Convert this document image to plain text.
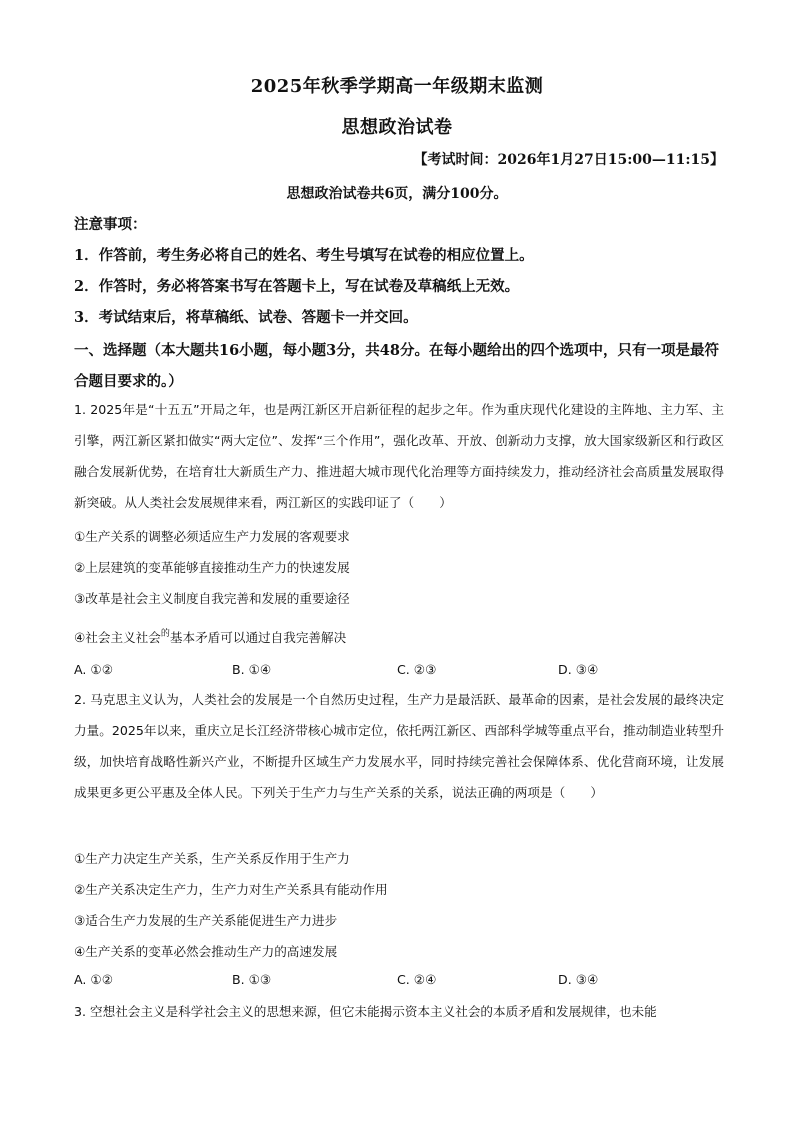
2025年秋季学期高一年级期末监测
思想政治试卷
【考试时间：2026年1月27日15:00—11:15】
思想政治试卷共6页，满分100分。
注意事项：
1．作答前，考生务必将自己的姓名、考生号填写在试卷的相应位置上。
2．作答时，务必将答案书写在答题卡上，写在试卷及草稿纸上无效。
3．考试结束后，将草稿纸、试卷、答题卡一并交回。
一、选择题（本大题共16小题，每小题3分，共48分。在每小题给出的四个选项中，只有一项是最符合题目要求的。）
1. 2025年是“十五五”开局之年，也是两江新区开启新征程的起步之年。作为重庆现代化建设的主阵地、主力军、主引擎，两江新区紧扣做实“两大定位”、发挥“三个作用”，强化改革、开放、创新动力支撑，放大国家级新区和行政区融合发展新优势，在培育壮大新质生产力、推进超大城市现代化治理等方面持续发力，推动经济社会高质量发展取得新突破。从人类社会发展规律来看，两江新区的实践印证了（　　）
①生产关系的调整必须适应生产力发展的客观要求
②上层建筑的变革能够直接推动生产力的快速发展
③改革是社会主义制度自我完善和发展的重要途径
④社会主义社会$^的$基本矛盾可以通过自我完善解决
A. ①②	B. ①④	C. ②③	D. ③④
2. 马克思主义认为，人类社会的发展是一个自然历史过程，生产力是最活跃、最革命的因素，是社会发展的最终决定力量。2025年以来，重庆立足长江经济带核心城市定位，依托两江新区、西部科学城等重点平台，推动制造业转型升级，加快培育战略性新兴产业，不断提升区域生产力发展水平，同时持续完善社会保障体系、优化营商环境，让发展成果更多更公平惠及全体人民。下列关于生产力与生产关系的关系，说法正确的两项是（　　）
①生产力决定生产关系，生产关系反作用于生产力
②生产关系决定生产力，生产力对生产关系具有能动作用
③适合生产力发展的生产关系能促进生产力进步
④生产关系的变革必然会推动生产力的高速发展
A. ①②	B. ①③	C. ②④	D. ③④
3. 空想社会主义是科学社会主义的思想来源，但它未能揭示资本主义社会的本质矛盾和发展规律，也未能
